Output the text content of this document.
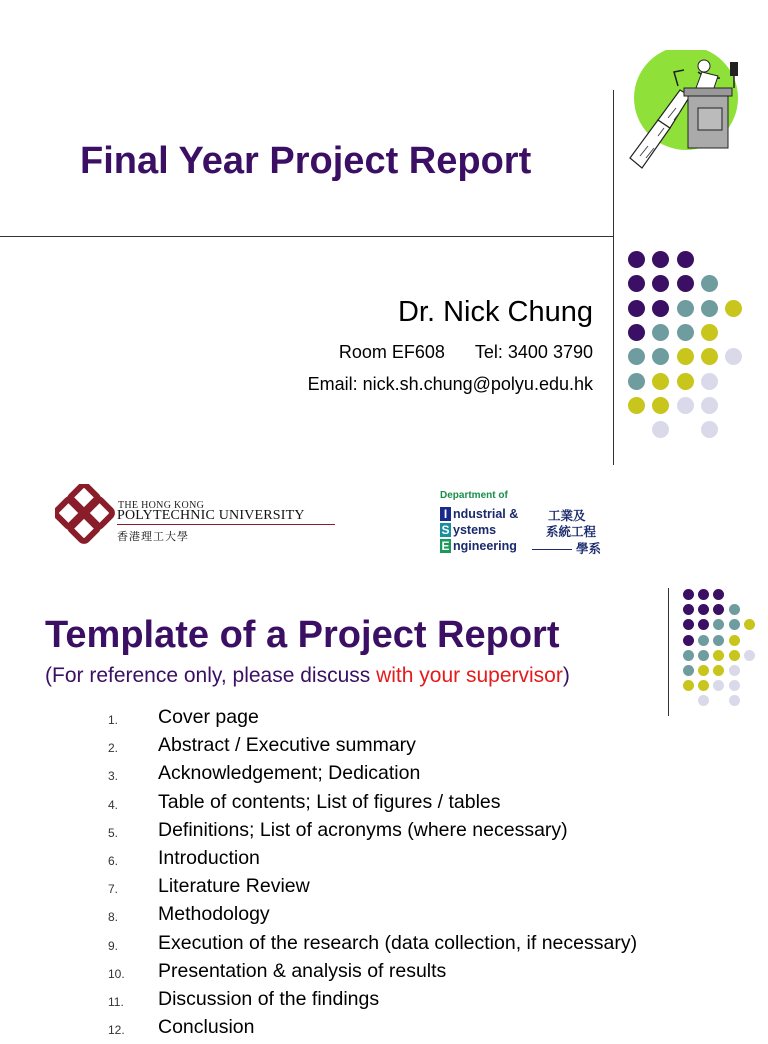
Final Year Project Report
Dr. Nick Chung
Room EF608 Tel: 3400 3790
Email: nick.sh.chung@polyu.edu.hk
THE HONG KONG
POLYTECHNIC UNIVERSITY
香港理工大學
Department of
I
S
E
ndustrial &
ystems
ngineering
工業及
系統工程
學系
Template of a Project Report
(For reference only, please discuss with your supervisor)
1.	Cover page
2.	Abstract / Executive summary
3.	Acknowledgement; Dedication
4.	Table of contents; List of figures / tables
5.	Definitions; List of acronyms (where necessary)
6.	Introduction
7.	Literature Review
8.	Methodology
9.	Execution of the research (data collection, if necessary)
10.	Presentation & analysis of results
11.	Discussion of the findings
12.	Conclusion
